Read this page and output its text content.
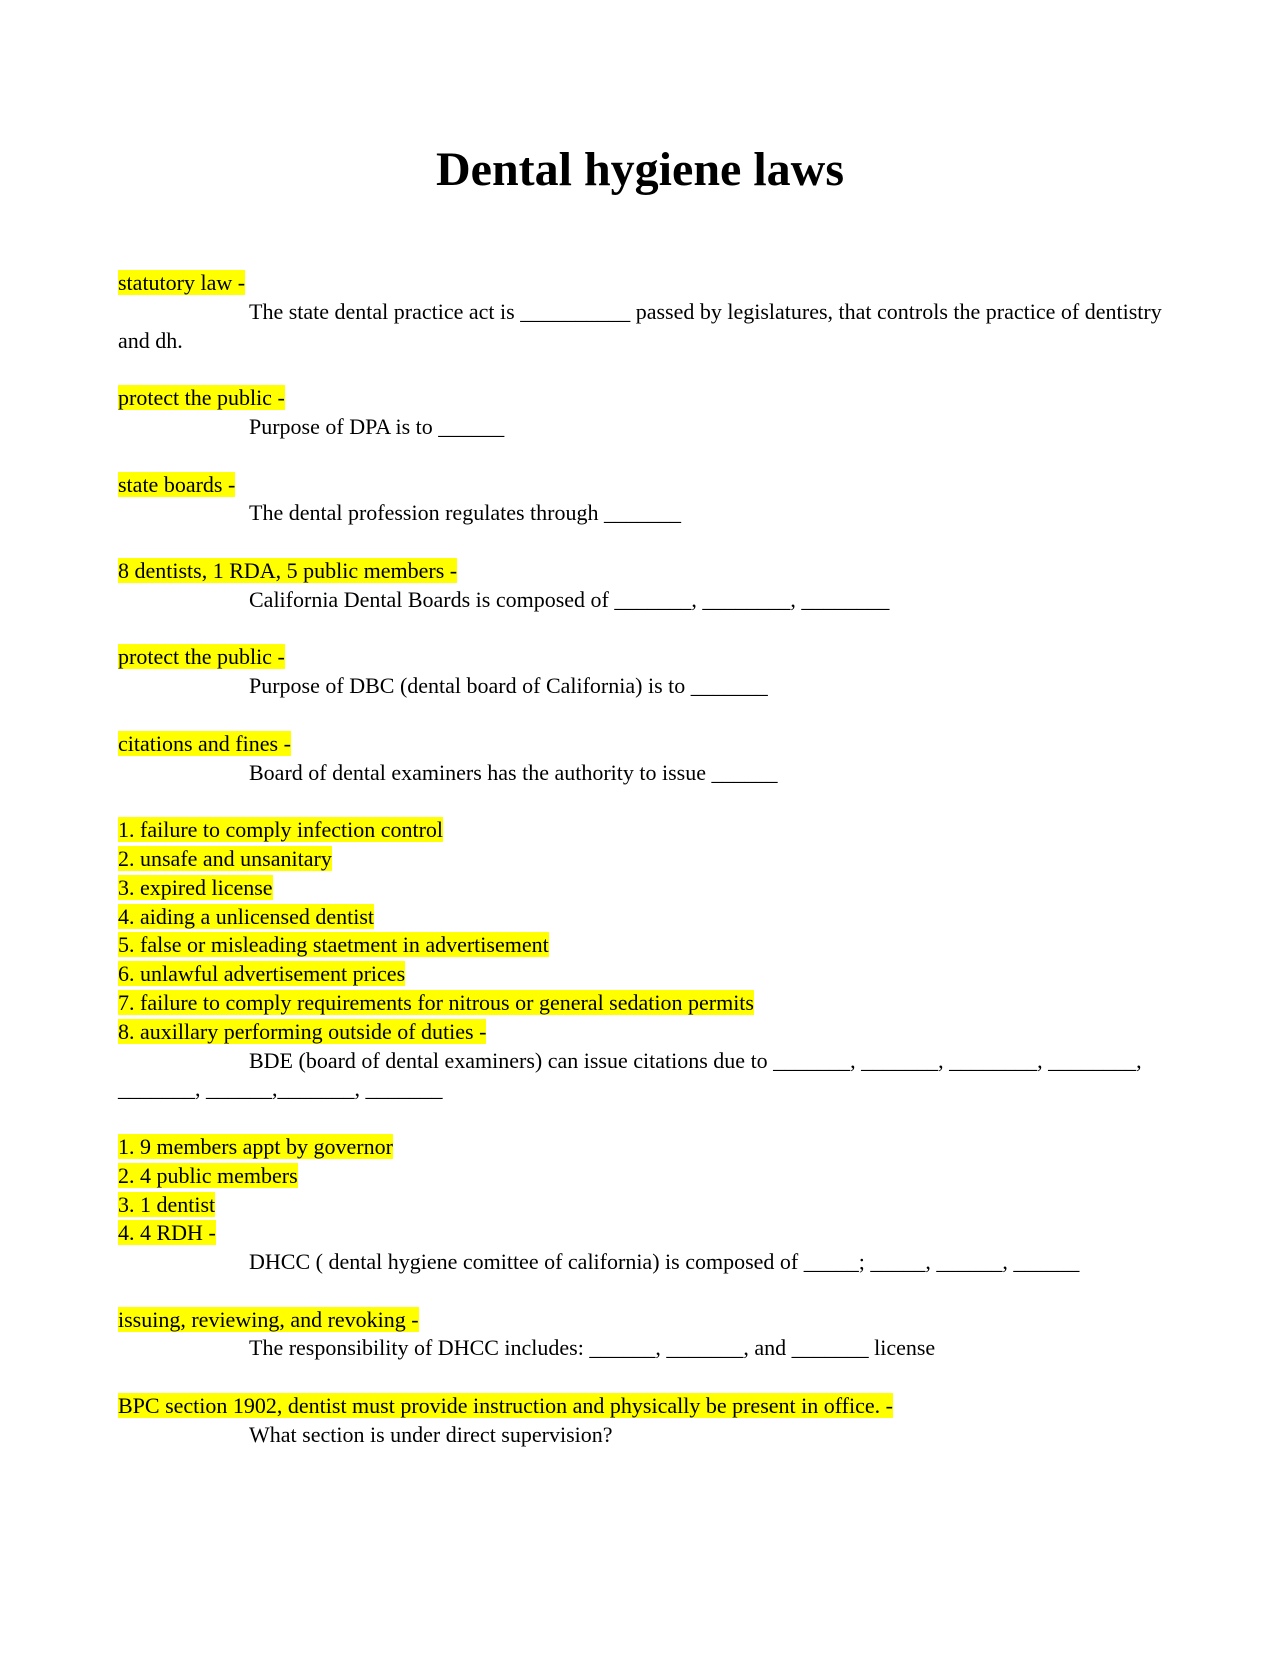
Dental hygiene laws
statutory law -

The state dental practice act is __________ passed by legislatures, that controls the practice of dentistry and dh.

protect the public -

Purpose of DPA is to ______

state boards -

The dental profession regulates through _______

8 dentists, 1 RDA, 5 public members -

California Dental Boards is composed of _______, ________, ________

protect the public -

Purpose of DBC (dental board of California) is to _______

citations and fines -

Board of dental examiners has the authority to issue ______

1. failure to comply infection control
2. unsafe and unsanitary
3. expired license
4. aiding a unlicensed dentist
5. false or misleading staetment in advertisement
6. unlawful advertisement prices
7. failure to comply requirements for nitrous or general sedation permits
8. auxillary performing outside of duties -

BDE (board of dental examiners) can issue citations due to _______, _______, ________, ________, _______, ______,_______, _______

1. 9 members appt by governor
2. 4 public members
3. 1 dentist
4. 4 RDH -

DHCC ( dental hygiene comittee of california) is composed of _____; _____, ______, ______

issuing, reviewing, and revoking -

The responsibility of DHCC includes: ______, _______, and _______ license

BPC section 1902, dentist must provide instruction and physically be present in office. -

What section is under direct supervision?
